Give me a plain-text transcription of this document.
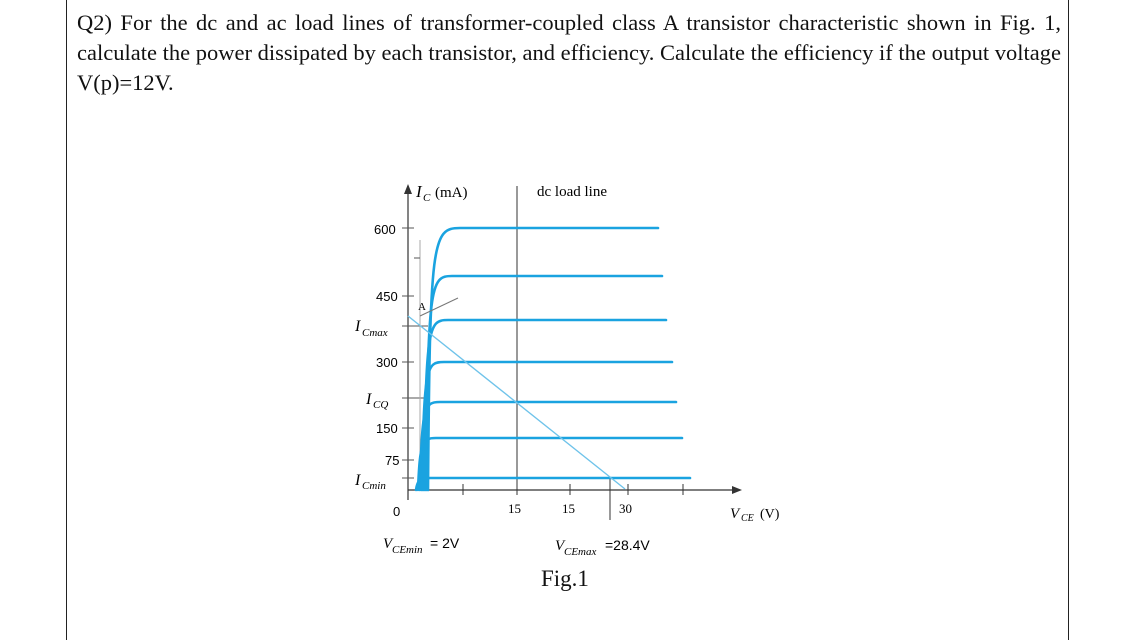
Q2) For the dc and ac load lines of transformer-coupled class A transistor characteristic shown in Fig. 1, calculate the power dissipated by each transistor, and efficiency. Calculate the efficiency if the output voltage V(p)=12V.
dc load line
I C (mA)
V CE (V)
15	15	30
600
450
300
150
75
0
I Cmax
I CQ
I Cmin
A
V CEmin = 2V	V CEmax =28.4V
Fig.1
